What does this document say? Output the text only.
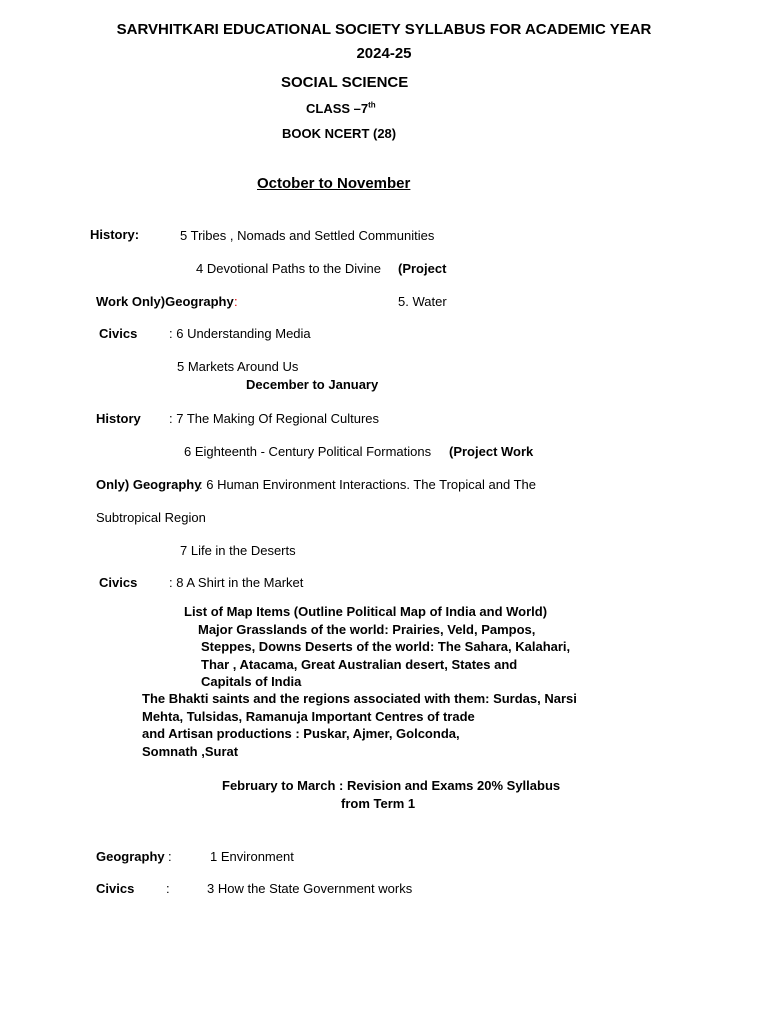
SARVHITKARI EDUCATIONAL SOCIETY SYLLABUS FOR ACADEMIC YEAR
2024-25
SOCIAL SCIENCE
CLASS –7th
BOOK NCERT (28)
October to November
History:	5 Tribes , Nomads and Settled Communities
4 Devotional Paths to the Divine (Project
Work Only)Geography :	5. Water
Civics : 6 Understanding Media
5 Markets Around Us
December to January
History : 7 The Making Of Regional Cultures
6 Eighteenth - Century Political Formations (Project Work
Only) Geography
: 6 Human Environment Interactions. The Tropical and The
Subtropical Region
7 Life in the Deserts
Civics : 8 A Shirt in the Market
List of Map Items (Outline Political Map of India and World)
Major Grasslands of the world: Prairies, Veld, Pampos,
Steppes, Downs Deserts of the world: The Sahara, Kalahari,
Thar , Atacama, Great Australian desert, States and
Capitals of India
The Bhakti saints and the regions associated with them: Surdas, Narsi
Mehta, Tulsidas, Ramanuja Important Centres of trade
and Artisan productions : Puskar, Ajmer, Golconda,
Somnath ,Surat
February to March : Revision and Exams 20% Syllabus
from Term 1
Geography :	1 Environment
Civics :	3 How the State Government works
